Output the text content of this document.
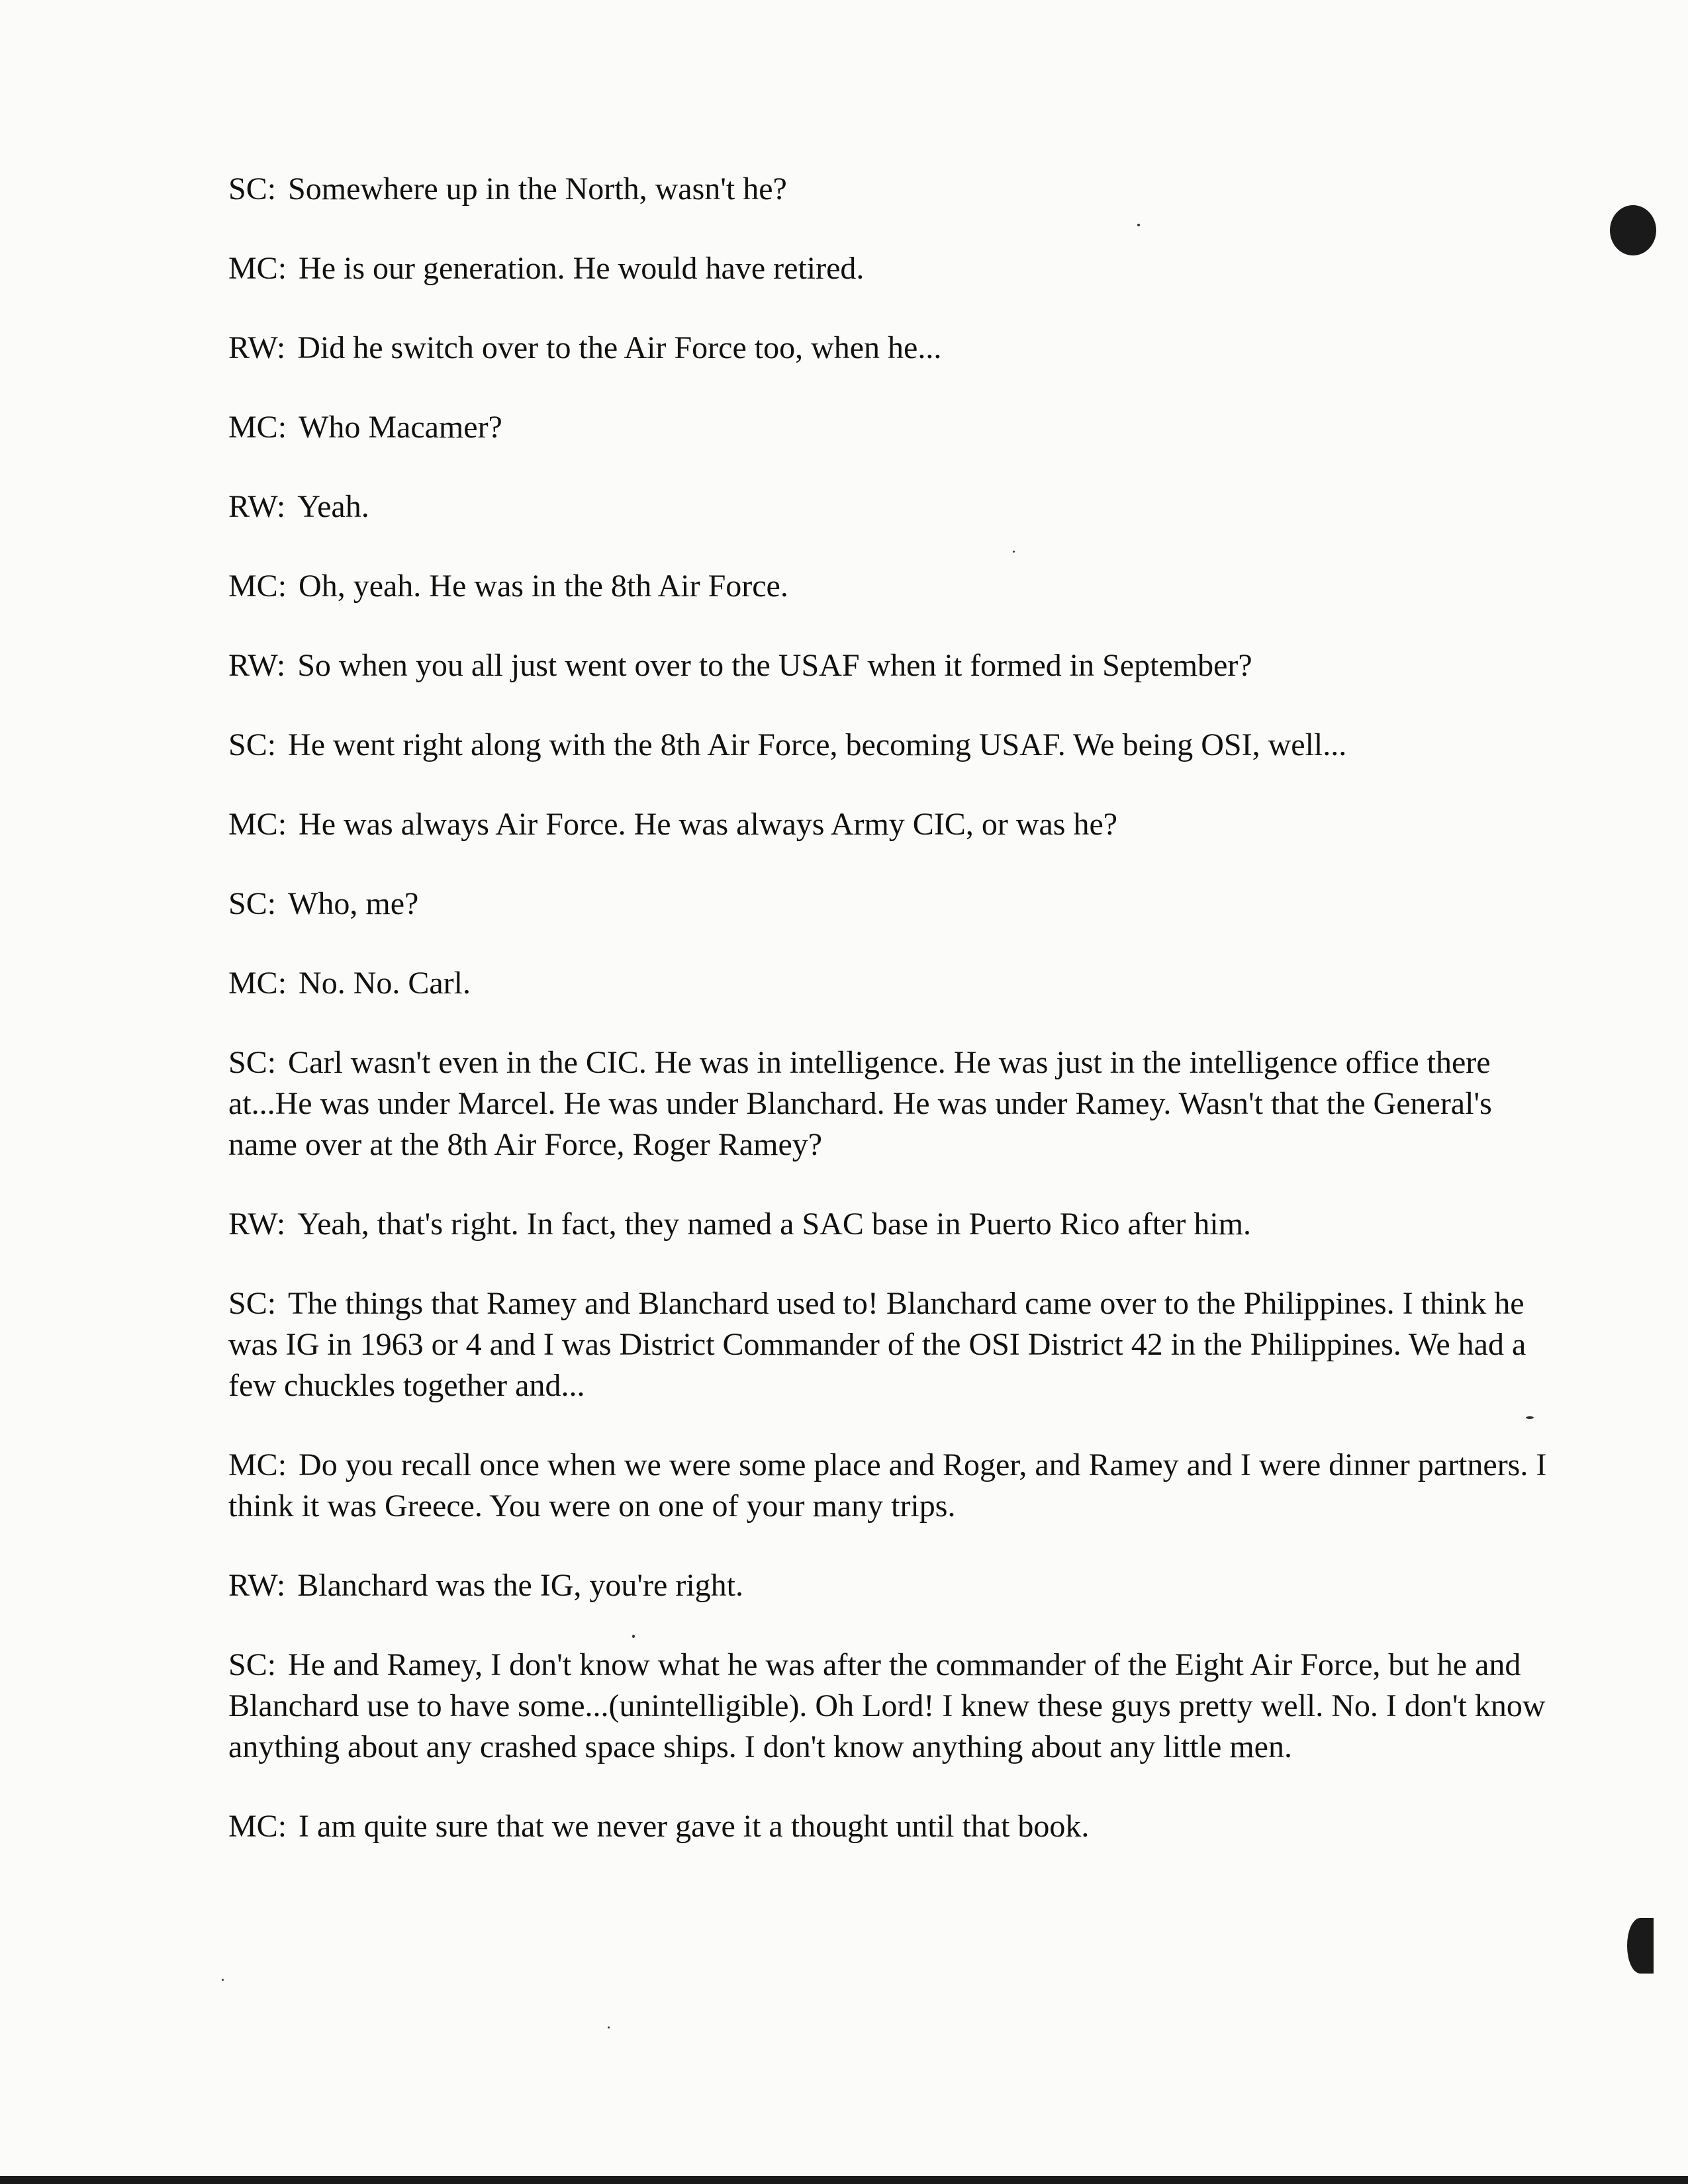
SC: Somewhere up in the North, wasn't he?

MC: He is our generation. He would have retired.

RW: Did he switch over to the Air Force too, when he...

MC: Who Macamer?

RW: Yeah.

MC: Oh, yeah. He was in the 8th Air Force.

RW: So when you all just went over to the USAF when it formed in September?

SC: He went right along with the 8th Air Force, becoming USAF. We being OSI, well...

MC: He was always Air Force. He was always Army CIC, or was he?

SC: Who, me?

MC: No. No. Carl.

SC: Carl wasn't even in the CIC. He was in intelligence. He was just in the intelligence office there at...He was under Marcel. He was under Blanchard. He was under Ramey. Wasn't that the General's name over at the 8th Air Force, Roger Ramey?

RW: Yeah, that's right. In fact, they named a SAC base in Puerto Rico after him.

SC: The things that Ramey and Blanchard used to! Blanchard came over to the Philippines. I think he was IG in 1963 or 4 and I was District Commander of the OSI District 42 in the Philippines. We had a few chuckles together and...

MC: Do you recall once when we were some place and Roger, and Ramey and I were dinner partners. I think it was Greece. You were on one of your many trips.

RW: Blanchard was the IG, you're right.

SC: He and Ramey, I don't know what he was after the commander of the Eight Air Force, but he and Blanchard use to have some...(unintelligible). Oh Lord! I knew these guys pretty well. No. I don't know anything about any crashed space ships. I don't know anything about any little men.

MC: I am quite sure that we never gave it a thought until that book.
